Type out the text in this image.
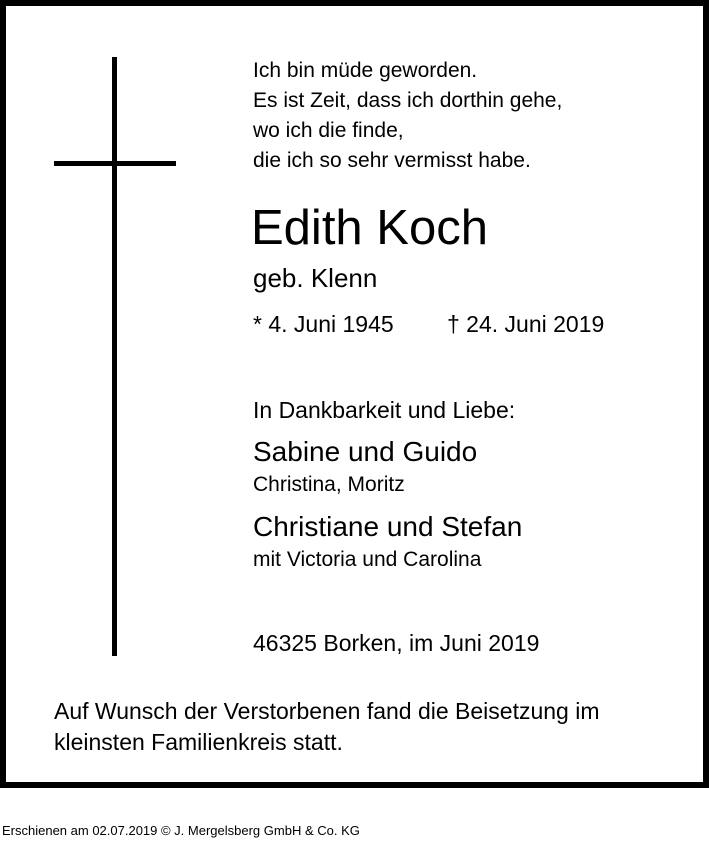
Ich bin müde geworden.
Es ist Zeit, dass ich dorthin gehe,
wo ich die finde,
die ich so sehr vermisst habe.

Edith Koch

geb. Klenn

* 4. Juni 1945 † 24. Juni 2019
In Dankbarkeit und Liebe:
Sabine und Guido
Christina, Moritz
Christiane und Stefan
mit Victoria und Carolina
46325 Borken, im Juni 2019

Auf Wunsch der Verstorbenen fand die Beisetzung im
kleinsten Familienkreis statt.

Erschienen am 02.07.2019 © J. Mergelsberg GmbH & Co. KG
